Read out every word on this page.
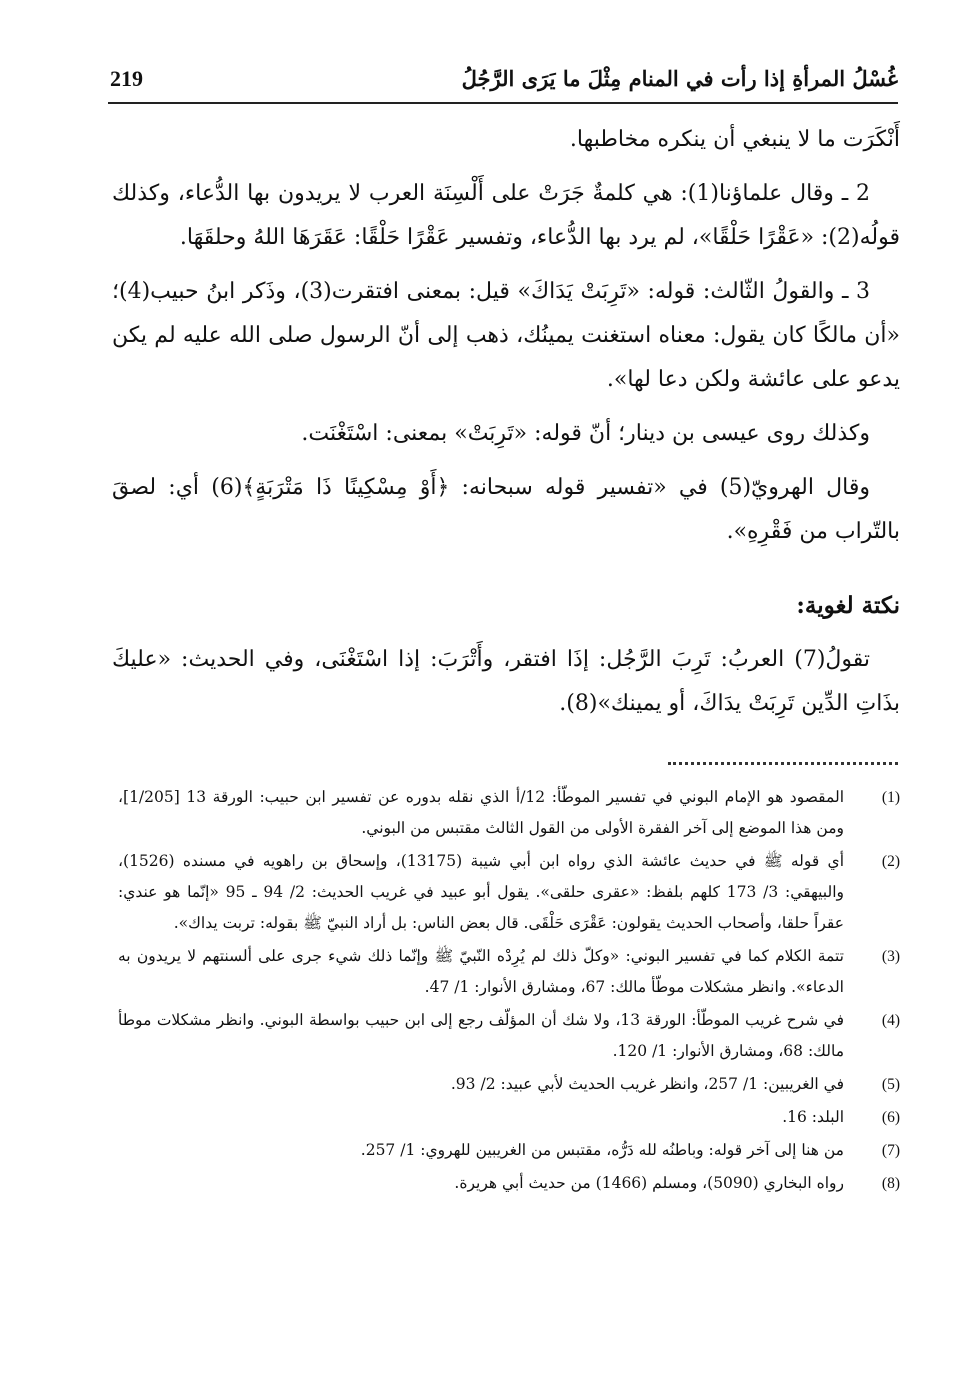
219	غُسْلُ المرأةِ إذا رأت في المنام مِثْلَ ما يَرَى الرَّجُلُ

أَنْكَرَت ما لا ينبغي أن ينكره مخاطبها.

2 ـ وقال علماؤنا(1): هي كلمةٌ جَرَتْ على أَلْسِنَة العرب لا يريدون بها الدُّعاء، وكذلك قولُه(2): «عَقْرًا حَلْقًا»، لم يرد بها الدُّعاء، وتفسير عَقْرًا حَلْقًا: عَقَرَهَا اللهُ وحلقَهَا.

3 ـ والقولُ الثّالث: قوله: «تَرِبَتْ يَدَاكَ» قيل: بمعنى افتقرت(3)، وذَكر ابنُ حبيب(4)؛ «أن مالكًا كان يقول: معناه استغنت يمينُك، ذهب إلى أنّ الرسول صلى الله عليه لم يكن يدعو على عائشة ولكن دعا لها».

وكذلك روى عيسى بن دينار؛ أنّ قوله: «تَرِبَتْ» بمعنى: اسْتَغْنَت.

وقال الهرويّ(5) في «تفسير قوله سبحانه: ﴿أَوْ مِسْكِينًا ذَا مَتْرَبَةٍ﴾(6) أي: لصقَ بالتّراب من فَقْرِهِ».

نكتة لغوية:

تقولُ(7) العربُ: تَرِبَ الرَّجُل: إذَا افتقر، وأَتْرَبَ: إذا اسْتَغْنَى، وفي الحديث: «عليكَ بذَاتِ الدِّين تَرِبَتْ يدَاكَ، أو يمينك»(8).

(1)
المقصود هو الإمام البوني في تفسير الموطّأ: 12/أ الذي نقله بدوره عن تفسير ابن حبيب: الورقة 13 [1/205]، ومن هذا الموضع إلى آخر الفقرة الأولى من القول الثالث مقتبس من البوني.
(2)
أي قوله ﷺ في حديث عائشة الذي رواه ابن أبي شيبة (13175)، وإسحاق بن راهويه في مسنده (1526)، والبيهقي: 3/ 173 كلهم بلفظ: «عقرى حلقى». يقول أبو عبيد في غريب الحديث: 2/ 94 ـ 95 «إنّما هو عندي: عقراً حلقا، وأصحاب الحديث يقولون: عَقْرَى حَلْقَى. قال بعض الناس: بل أراد النبيّ ﷺ بقوله: تربت يداك».
(3)
تتمة الكلام كما في تفسير البوني: «وكلّ ذلك لم يُرِدْه النّبيّ ﷺ وإنّما ذلك شيء جرى على ألسنتهم لا يريدون به الدعاء». وانظر مشكلات موطّأ مالك: 67، ومشارق الأنوار: 1/ 47.
(4)
في شرح غريب الموطّأ: الورقة 13، ولا شك أن المؤلّف رجع إلى ابن حبيب بواسطة البوني. وانظر مشكلات موطأ مالك: 68، ومشارق الأنوار: 1/ 120.
(5)
في الغريبين: 1/ 257، وانظر غريب الحديث لأبي عبيد: 2/ 93.
(6)
البلد: 16.
(7)
من هنا إلى آخر قوله: وباطنُه لله دَرُّه، مقتبس من الغريبين للهروي: 1/ 257.
(8)
رواه البخاري (5090)، ومسلم (1466) من حديث أبي هريرة.
